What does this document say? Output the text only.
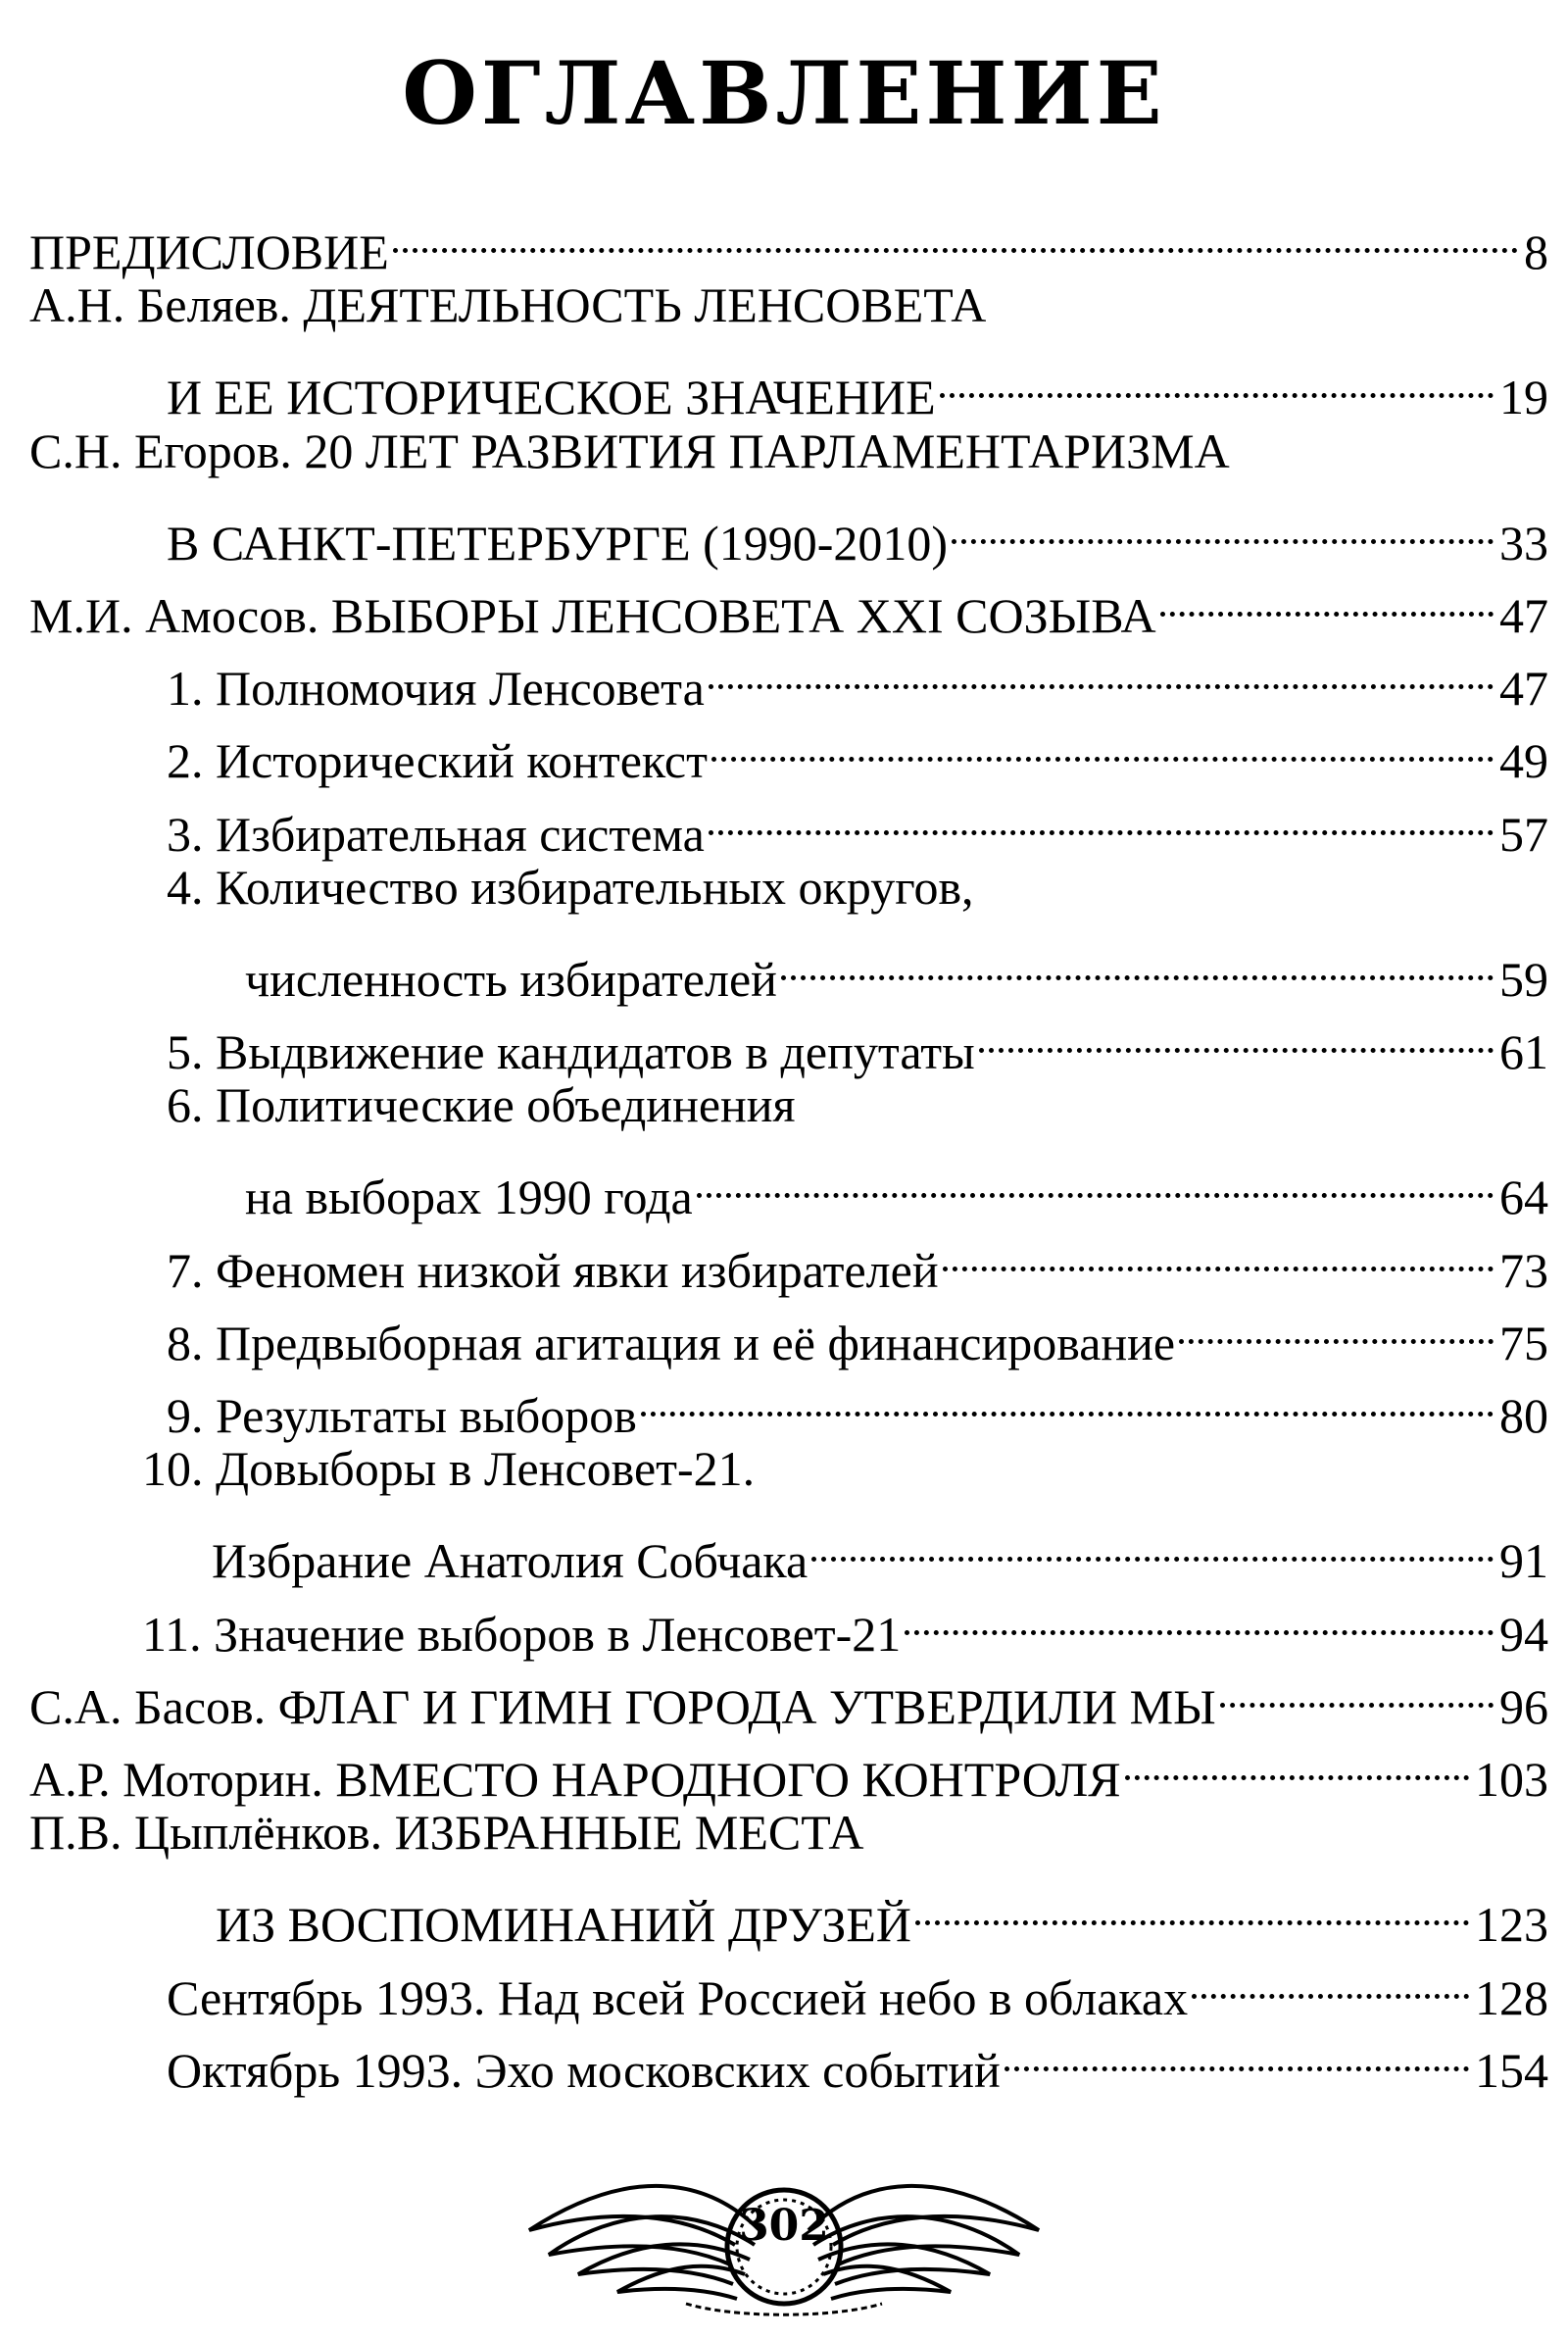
ОГЛАВЛЕНИЕ
ПРЕДИСЛОВИЕ	8
А.Н. Беляев. ДЕЯТЕЛЬНОСТЬ ЛЕНСОВЕТА
И ЕЕ ИСТОРИЧЕСКОЕ ЗНАЧЕНИЕ	19
С.Н. Егоров. 20 ЛЕТ РАЗВИТИЯ ПАРЛАМЕНТАРИЗМА
В САНКТ-ПЕТЕРБУРГЕ (1990-2010)	33
М.И. Амосов. ВЫБОРЫ ЛЕНСОВЕТА XXI СОЗЫВА	47
1. Полномочия Ленсовета	47
2. Исторический контекст	49
3. Избирательная система	57
4. Количество избирательных округов,
численность избирателей	59
5. Выдвижение кандидатов в депутаты	61
6. Политические объединения
на выборах 1990 года	64
7. Феномен низкой явки избирателей	73
8. Предвыборная агитация и её финансирование	75
9. Результаты выборов	80
10. Довыборы в Ленсовет-21.
Избрание Анатолия Собчака	91
11. Значение выборов в Ленсовет-21	94
С.А. Басов. ФЛАГ И ГИМН ГОРОДА УТВЕРДИЛИ МЫ	96
А.Р. Моторин. ВМЕСТО НАРОДНОГО КОНТРОЛЯ	103
П.В. Цыплёнков. ИЗБРАННЫЕ МЕСТА
ИЗ ВОСПОМИНАНИЙ ДРУЗЕЙ	123
Сентябрь 1993. Над всей Россией небо в облаках	128
Октябрь 1993. Эхо московских событий	154
302
